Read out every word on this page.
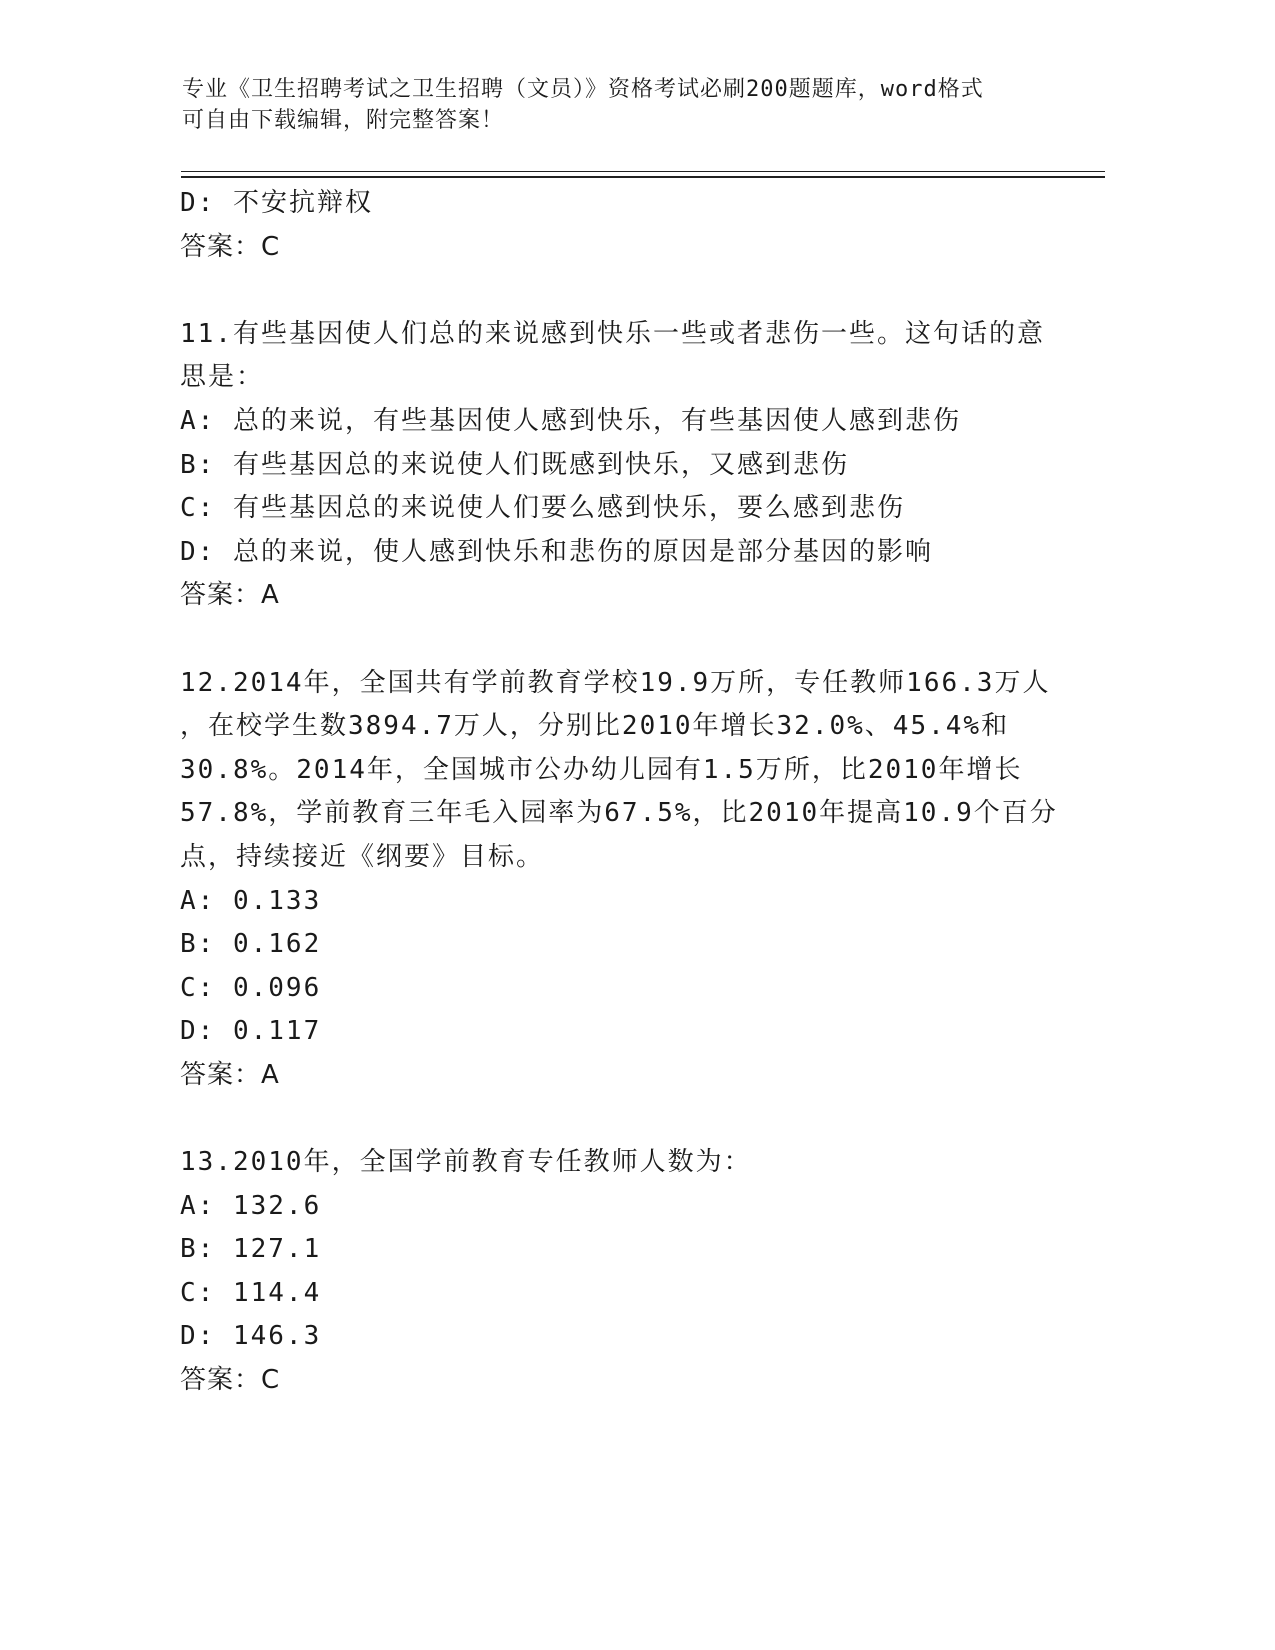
专业《卫生招聘考试之卫生招聘（文员）》资格考试必刷200题题库，word格式
可自由下载编辑，附完整答案！
D: 不安抗辩权
答案：C
11.有些基因使人们总的来说感到快乐一些或者悲伤一些。这句话的意
思是：
A: 总的来说，有些基因使人感到快乐，有些基因使人感到悲伤
B: 有些基因总的来说使人们既感到快乐，又感到悲伤
C: 有些基因总的来说使人们要么感到快乐，要么感到悲伤
D: 总的来说，使人感到快乐和悲伤的原因是部分基因的影响
答案：A
12.2014年，全国共有学前教育学校19.9万所，专任教师166.3万人
，在校学生数3894.7万人，分别比2010年增长32.0%、45.4%和
30.8%。2014年，全国城市公办幼儿园有1.5万所，比2010年增长
57.8%，学前教育三年毛入园率为67.5%，比2010年提高10.9个百分
点，持续接近《纲要》目标。
A: 0.133
B: 0.162
C: 0.096
D: 0.117
答案：A
13.2010年，全国学前教育专任教师人数为：
A: 132.6
B: 127.1
C: 114.4
D: 146.3
答案：C
